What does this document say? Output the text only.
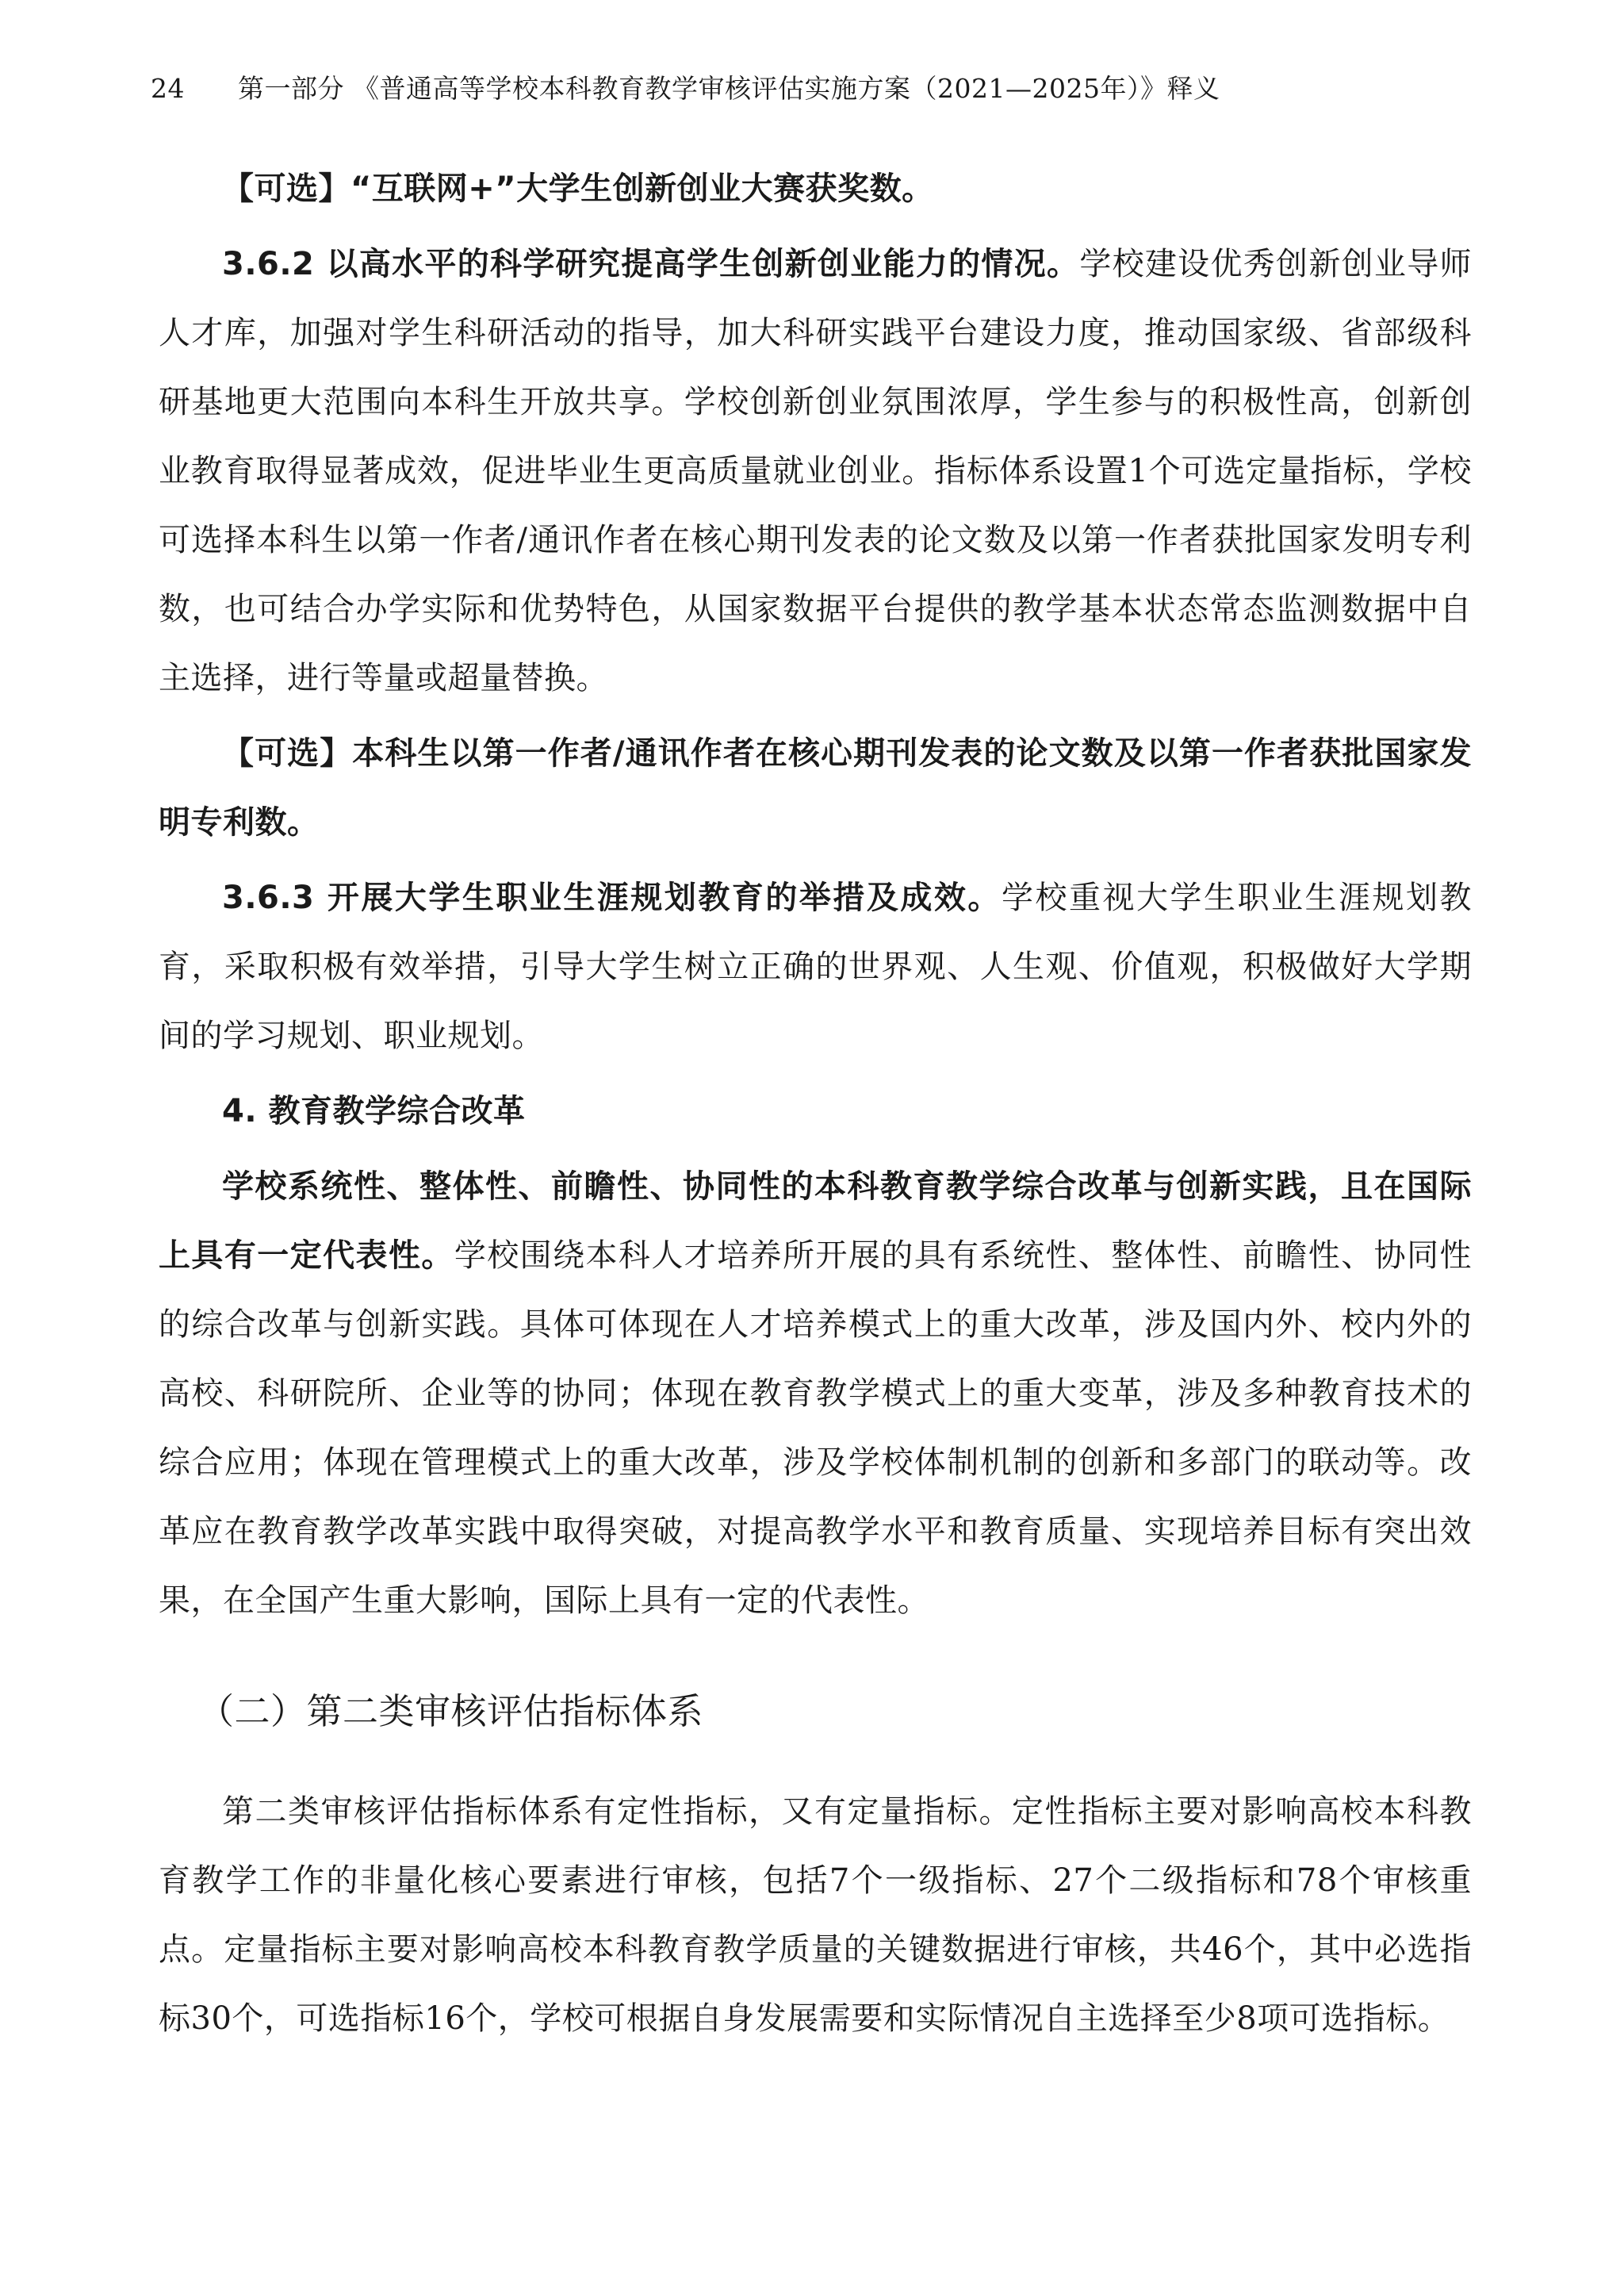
24 第一部分 《普通高等学校本科教育教学审核评估实施方案（2021—2025年）》释义

【可选】“互联网+”大学生创新创业大赛获奖数。

3.6.2 以高水平的科学研究提高学生创新创业能力的情况。学校建设优秀创新创业导师人才库，加强对学生科研活动的指导，加大科研实践平台建设力度，推动国家级、省部级科研基地更大范围向本科生开放共享。学校创新创业氛围浓厚，学生参与的积极性高，创新创业教育取得显著成效，促进毕业生更高质量就业创业。指标体系设置1个可选定量指标，学校可选择本科生以第一作者/通讯作者在核心期刊发表的论文数及以第一作者获批国家发明专利数，也可结合办学实际和优势特色，从国家数据平台提供的教学基本状态常态监测数据中自主选择，进行等量或超量替换。

【可选】本科生以第一作者/通讯作者在核心期刊发表的论文数及以第一作者获批国家发明专利数。

3.6.3 开展大学生职业生涯规划教育的举措及成效。学校重视大学生职业生涯规划教育，采取积极有效举措，引导大学生树立正确的世界观、人生观、价值观，积极做好大学期间的学习规划、职业规划。

4. 教育教学综合改革

学校系统性、整体性、前瞻性、协同性的本科教育教学综合改革与创新实践，且在国际上具有一定代表性。学校围绕本科人才培养所开展的具有系统性、整体性、前瞻性、协同性的综合改革与创新实践。具体可体现在人才培养模式上的重大改革，涉及国内外、校内外的高校、科研院所、企业等的协同；体现在教育教学模式上的重大变革，涉及多种教育技术的综合应用；体现在管理模式上的重大改革，涉及学校体制机制的创新和多部门的联动等。改革应在教育教学改革实践中取得突破，对提高教学水平和教育质量、实现培养目标有突出效果，在全国产生重大影响，国际上具有一定的代表性。

（二）第二类审核评估指标体系

第二类审核评估指标体系有定性指标，又有定量指标。定性指标主要对影响高校本科教育教学工作的非量化核心要素进行审核，包括7个一级指标、27个二级指标和78个审核重点。定量指标主要对影响高校本科教育教学质量的关键数据进行审核，共46个，其中必选指标30个，可选指标16个，学校可根据自身发展需要和实际情况自主选择至少8项可选指标。
